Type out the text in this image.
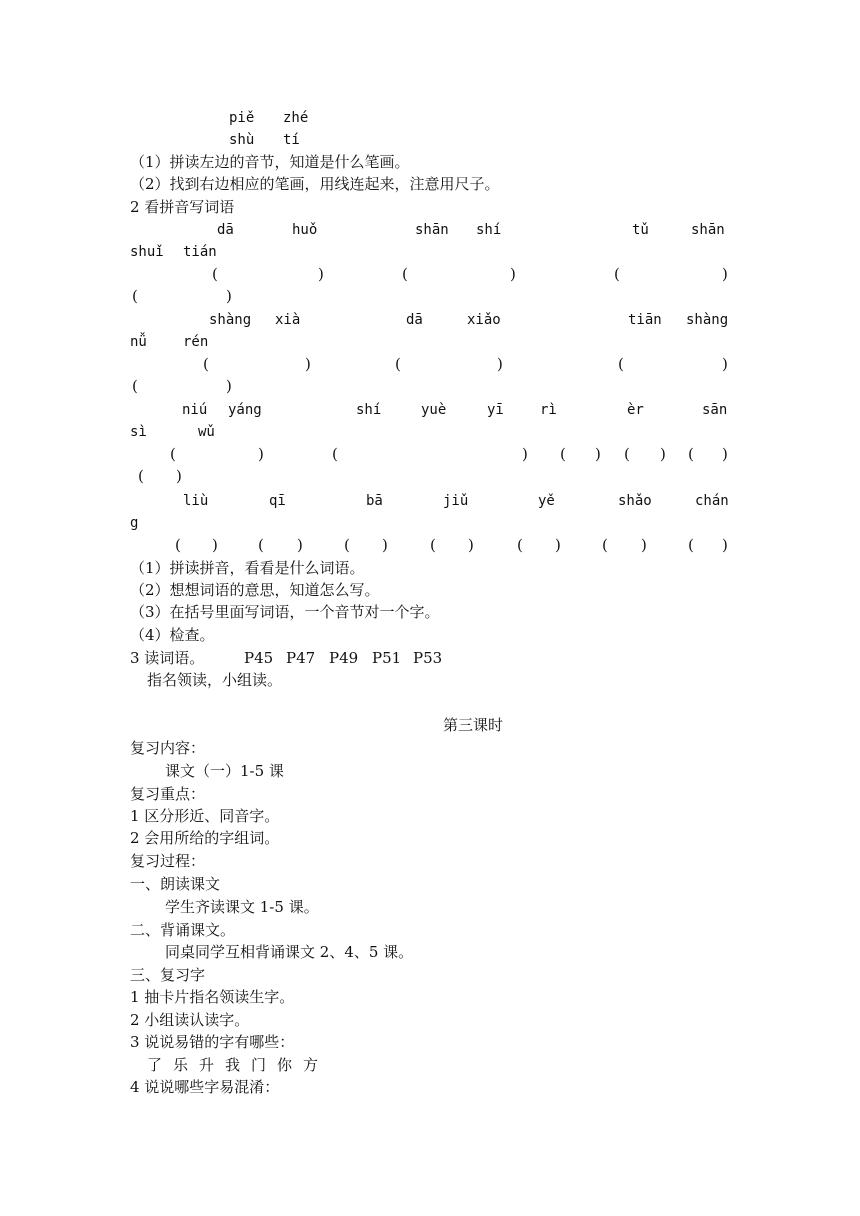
piě zhé
shù tí
（1）拼读左边的音节，知道是什么笔画。
（2）找到右边相应的笔画，用线连起来，注意用尺子。
2 看拼音写词语
dā	huǒ	shān shí	tǔ	shān
shuǐ tián
(	)	(	)	(	)
(	)
shàng xià	dā	xiǎo	tiān shàng
nǚ	rén
(	)	(	)	(	)
(	)
niú yáng	shí	yuè	yī	rì	èr	sān
sì	wǔ
(	)	(	) ( ) ( ) ( )
( )
liù	qī	bā	jiǔ	yě	shǎo	chán
g
( )	( )	( )	( )	( )	( )	( )
（1）拼读拼音，看看是什么词语。
（2）想想词语的意思，知道怎么写。
（3）在括号里面写词语，一个音节对一个字。
（4）检查。
3 读词语。	P45 P47 P49 P51 P53
指名领读，小组读。
第三课时
复习内容：
课文（一）1-5 课
复习重点：
1 区分形近、同音字。
2 会用所给的字组词。
复习过程：
一、朗读课文
学生齐读课文 1-5 课。
二、背诵课文。
同桌同学互相背诵课文 2、4、5 课。
三、复习字
1 抽卡片指名领读生字。
2 小组读认读字。
3 说说易错的字有哪些：
了 乐 升 我 门 你 方
4 说说哪些字易混淆：
